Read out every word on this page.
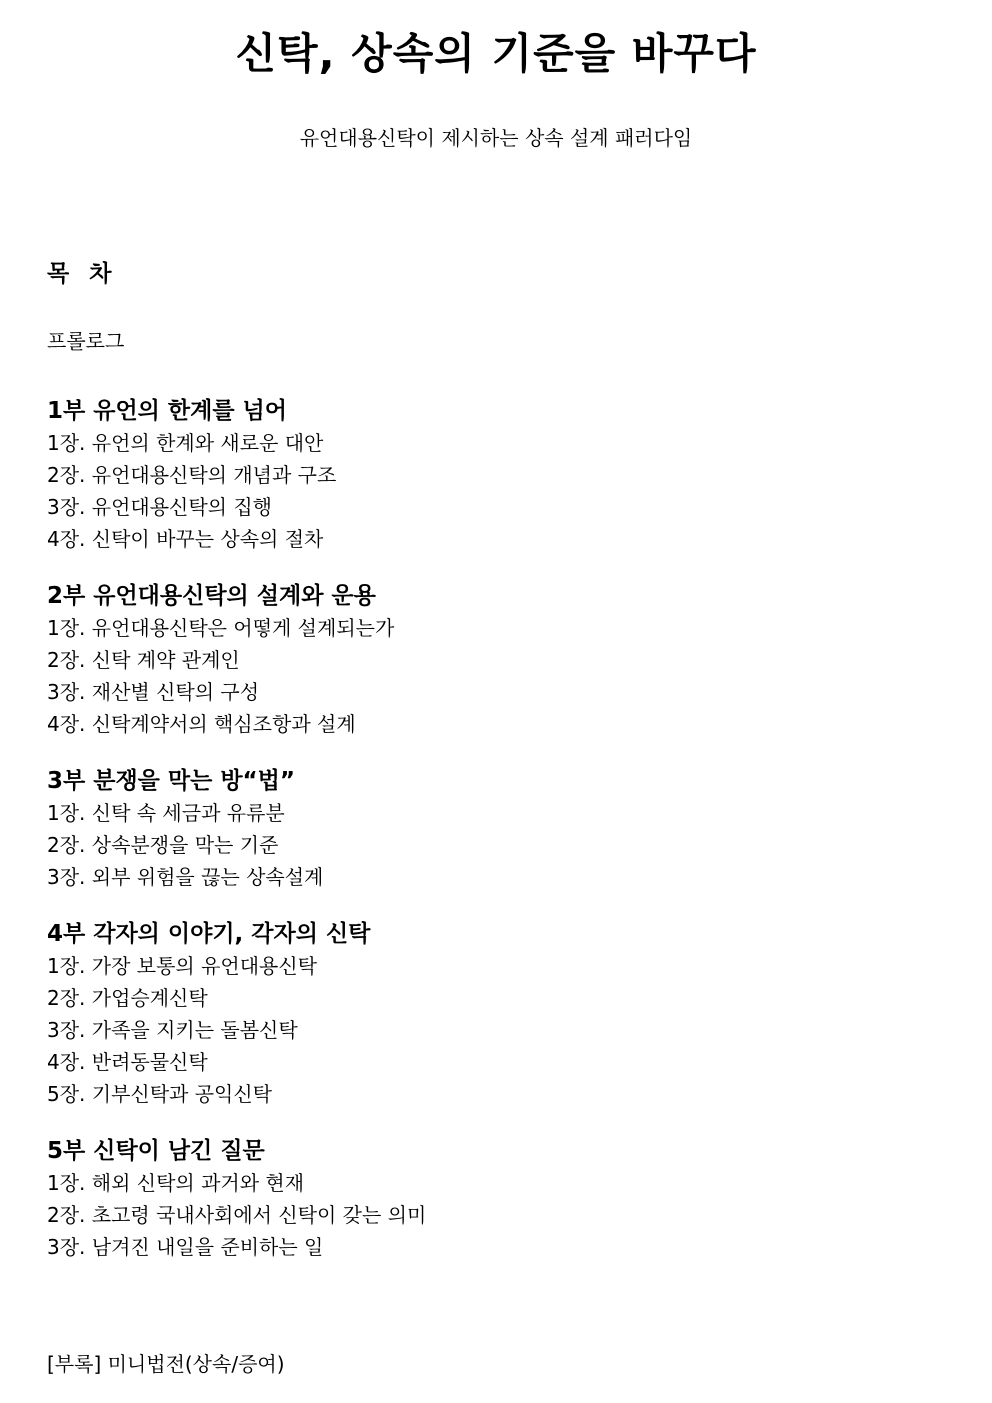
신탁, 상속의 기준을 바꾸다
유언대용신탁이 제시하는 상속 설계 패러다임
목 차
프롤로그
1부 유언의 한계를 넘어
1장. 유언의 한계와 새로운 대안
2장. 유언대용신탁의 개념과 구조
3장. 유언대용신탁의 집행
4장. 신탁이 바꾸는 상속의 절차
2부 유언대용신탁의 설계와 운용
1장. 유언대용신탁은 어떻게 설계되는가
2장. 신탁 계약 관계인
3장. 재산별 신탁의 구성
4장. 신탁계약서의 핵심조항과 설계
3부 분쟁을 막는 방“법”
1장. 신탁 속 세금과 유류분
2장. 상속분쟁을 막는 기준
3장. 외부 위험을 끊는 상속설계
4부 각자의 이야기, 각자의 신탁
1장. 가장 보통의 유언대용신탁
2장. 가업승계신탁
3장. 가족을 지키는 돌봄신탁
4장. 반려동물신탁
5장. 기부신탁과 공익신탁
5부 신탁이 남긴 질문
1장. 해외 신탁의 과거와 현재
2장. 초고령 국내사회에서 신탁이 갖는 의미
3장. 남겨진 내일을 준비하는 일
[부록] 미니법전(상속/증여)
